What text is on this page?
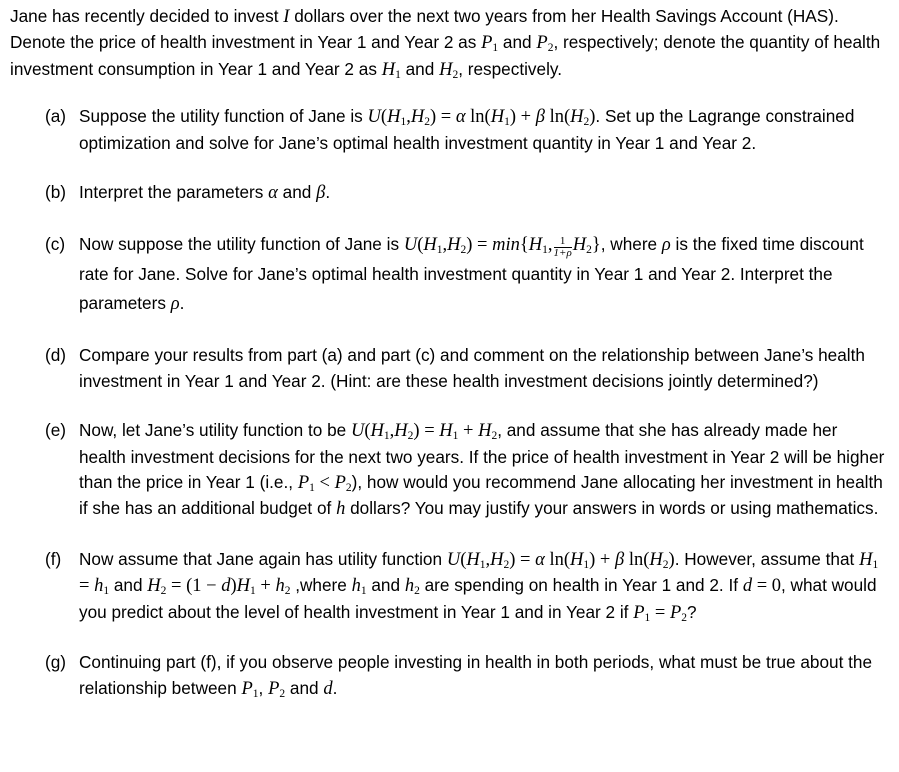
Jane has recently decided to invest I dollars over the next two years from her Health Savings Account (HAS). Denote the price of health investment in Year 1 and Year 2 as $P_1$ and $P_2$, respectively; denote the quantity of health investment consumption in Year 1 and Year 2 as $H_1$ and $H_2$, respectively.

(a) Suppose the utility function of Jane is $U(H_1,H_2) = \alpha$ $\ln(H_1) + \beta$ $\ln(H_2)$. Set up the Lagrange constrained optimization and solve for Jane’s optimal health investment quantity in Year 1 and Year 2.
(b) Interpret the parameters α and β.
(c) Now suppose the utility function of Jane is $U(H_1,H_2) = \min\{H_1$, $\frac{1}{1+\rho} H_2$}, where ρ is the fixed time discount rate for Jane. Solve for Jane’s optimal health investment quantity in Year 1 and Year 2. Interpret the parameters ρ.
(d) Compare your results from part (a) and part (c) and comment on the relationship between Jane’s health investment in Year 1 and Year 2. (Hint: are these health investment decisions jointly determined?)
(e) Now, let Jane’s utility function to be $U(H_1,H_2) = H_1 + H_2$, and assume that she has already made her health investment decisions for the next two years. If the price of health investment in Year 2 will be higher than the price in Year 1 (i.e., $P_1 < P_2$), how would you recommend Jane allocating her investment in health if she has an additional budget of h dollars? You may justify your answers in words or using mathematics.
(f) Now assume that Jane again has utility function $U(H_1,H_2) = \alpha$ $\ln(H_1) + \beta$ $\ln(H_2)$. However, assume that $H_1 = h_1$ and $H_2 = (1 - d)H_1 + h_2$ ,where $h_1$ and $h_2$ are spending on health in Year 1 and 2. If d = 0, what would you predict about the level of health investment in Year 1 and in Year 2 if $P_1 = P_2$?
(g) Continuing part (f), if you observe people investing in health in both periods, what must be true about the relationship between $P_1$, $P_2$ and d.
